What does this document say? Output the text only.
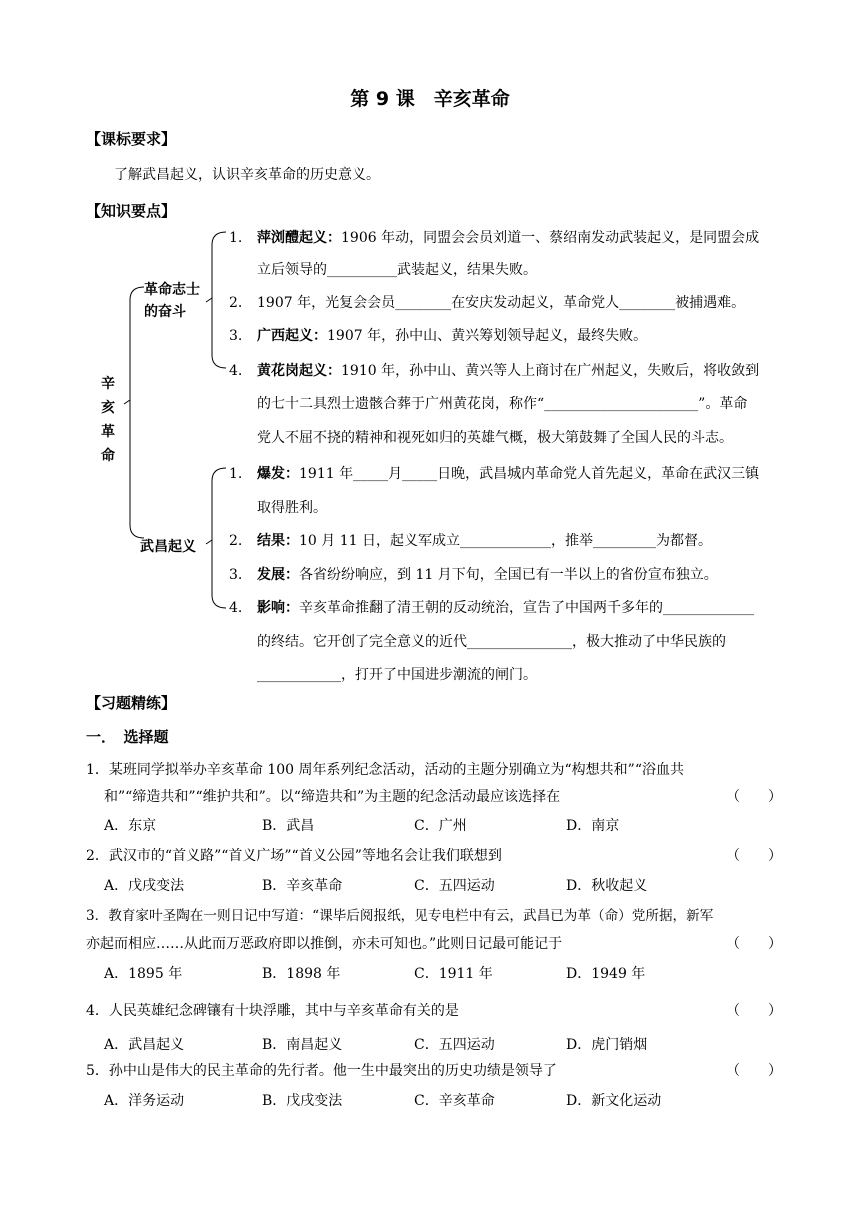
第 9 课　辛亥革命
【课标要求】
了解武昌起义，认识辛亥革命的历史意义。
【知识要点】
辛
亥
革
命
革命志士
的奋斗
武昌起义
1. 萍浏醴起义：1906 年动，同盟会会员刘道一、蔡绍南发动武装起义，是同盟会成
立后领导的__________武装起义，结果失败。
2. 1907 年，光复会会员________在安庆发动起义，革命党人________被捕遇难。
3. 广西起义：1907 年，孙中山、黄兴筹划领导起义，最终失败。
4. 黄花岗起义：1910 年，孙中山、黄兴等人上商讨在广州起义，失败后，将收敛到
的七十二具烈士遗骸合葬于广州黄花岗，称作“______________________”。革命
党人不屈不挠的精神和视死如归的英雄气概，极大第鼓舞了全国人民的斗志。
1. 爆发：1911 年_____月_____日晚，武昌城内革命党人首先起义，革命在武汉三镇
取得胜利。
2. 结果：10 月 11 日，起义军成立_____________，推举_________为都督。
3. 发展：各省纷纷响应，到 11 月下旬，全国已有一半以上的省份宣布独立。
4. 影响：辛亥革命推翻了清王朝的反动统治，宣告了中国两千多年的_____________
的终结。它开创了完全意义的近代_______________，极大推动了中华民族的
____________，打开了中国进步潮流的闸门。
【习题精练】
一．　选择题
1．某班同学拟举办辛亥革命 100 周年系列纪念活动，活动的主题分别确立为“构想共和”“浴血共
和”“缔造共和”“维护共和”。以“缔造共和”为主题的纪念活动最应该选择在	（　　）
A．东京	B．武昌	C．广州	D．南京
2．武汉市的“首义路”“首义广场”“首义公园”等地名会让我们联想到	（　　）
A．戊戌变法	B．辛亥革命	C．五四运动	D．秋收起义
3．教育家叶圣陶在一则日记中写道：“课毕后阅报纸，见专电栏中有云，武昌已为革（命）党所据，新军
亦起而相应……从此而万恶政府即以推倒，亦未可知也。”此则日记最可能记于	（　　）
A．1895 年	B．1898 年	C．1911 年	D．1949 年
4．人民英雄纪念碑镶有十块浮雕，其中与辛亥革命有关的是	（　　）
A．武昌起义	B．南昌起义	C．五四运动	D．虎门销烟
5．孙中山是伟大的民主革命的先行者。他一生中最突出的历史功绩是领导了	（　　）
A．洋务运动	B．戊戌变法	C．辛亥革命	D．新文化运动
